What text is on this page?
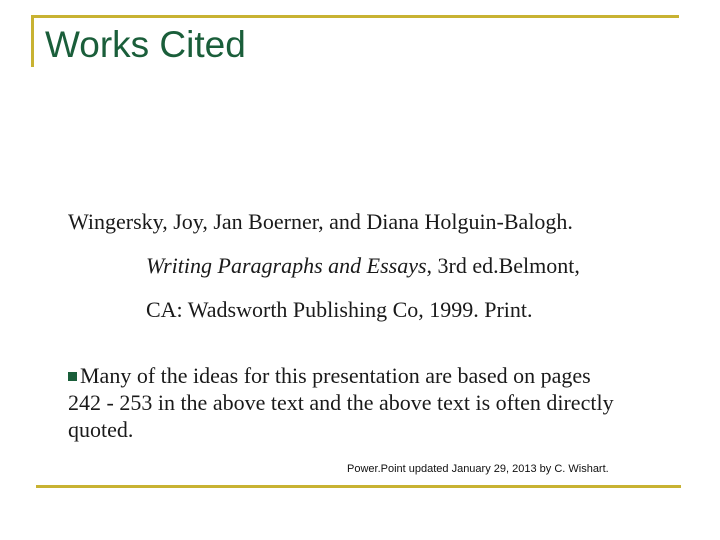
Works Cited
Wingersky, Joy, Jan Boerner, and Diana Holguin-Balogh.
Writing Paragraphs and Essays, 3rd ed.Belmont,
CA: Wadsworth Publishing Co, 1999. Print.
Many of the ideas for this presentation are based on pages 242 - 253 in the above text and the above text is often directly quoted.
Power.Point updated January 29, 2013 by C. Wishart.
